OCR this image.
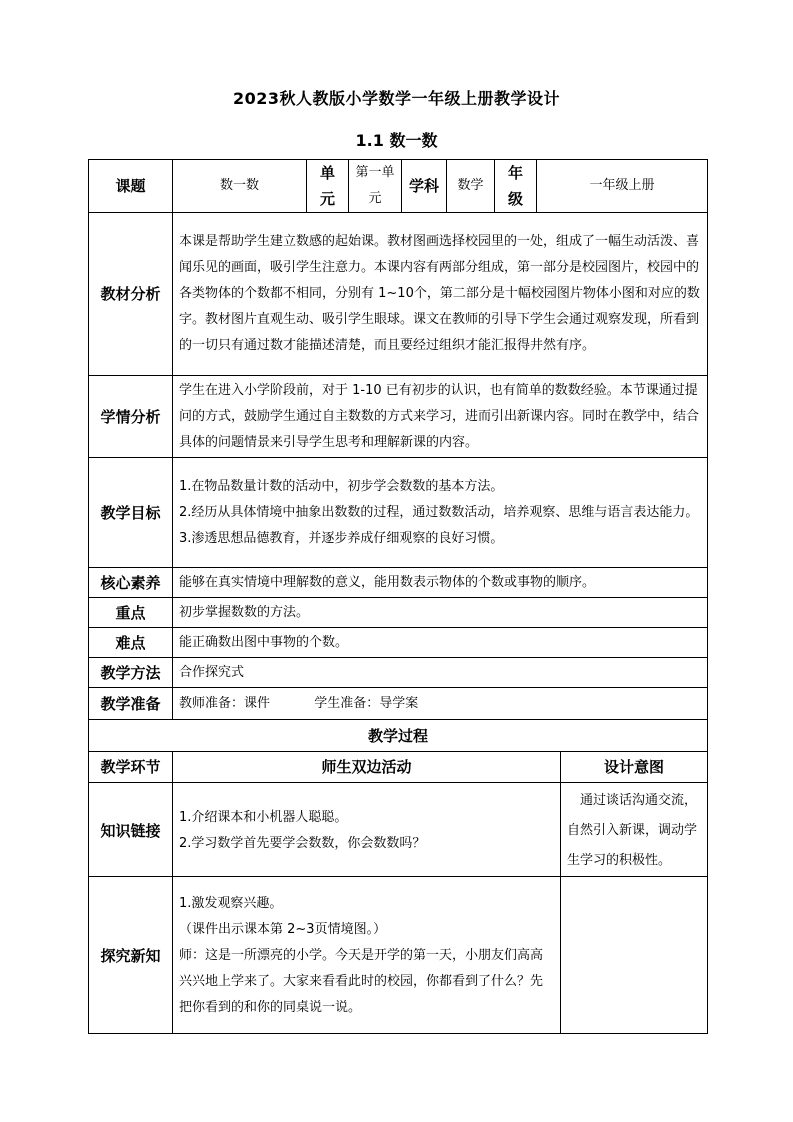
2023秋人教版小学数学一年级上册教学设计
1.1 数一数
课题	数一数	单元	第一单元	学科	数学	年级	一年级上册	
教材分析	本课是帮助学生建立数感的起始课。教材图画选择校园里的一处，组成了一幅生动活泼、喜闻乐见的画面，吸引学生注意力。本课内容有两部分组成，第一部分是校园图片，校园中的各类物体的个数都不相同，分别有 1~10个，第二部分是十幅校园图片物体小图和对应的数字。教材图片直观生动、吸引学生眼球。课文在教师的引导下学生会通过观察发现，所看到的一切只有通过数才能描述清楚，而且要经过组织才能汇报得井然有序。							
学情分析	学生在进入小学阶段前，对于 1-10 已有初步的认识，也有简单的数数经验。本节课通过提问的方式，鼓励学生通过自主数数的方式来学习，进而引出新课内容。同时在教学中，结合具体的问题情景来引导学生思考和理解新课的内容。							
教学目标	1.在物品数量计数的活动中，初步学会数数的基本方法。
2.经历从具体情境中抽象出数数的过程，通过数数活动，培养观察、思维与语言表达能力。
3.渗透思想品德教育，并逐步养成仔细观察的良好习惯。							

核心素养	能够在真实情境中理解数的意义，能用数表示物体的个数或事物的顺序。							
重点	初步掌握数数的方法。							
难点	能正确数出图中事物的个数。							
教学方法	合作探究式							
教学准备	教师准备：课件 学生准备：导学案							
教学过程								
教学环节	师生双边活动							设计意图
知识链接	1.介绍课本和小机器人聪聪。
2.学习数学首先要学会数数，你会数数吗？							　通过谈话沟通交流，自然引入新课，调动学生学习的积极性。
探究新知	1.激发观察兴趣。
（课件出示课本第 2~3页情境图。）
师：这是一所漂亮的小学。今天是开学的第一天，小朋友们高高兴兴地上学来了。大家来看看此时的校园，你都看到了什么？先把你看到的和你的同桌说一说。							
